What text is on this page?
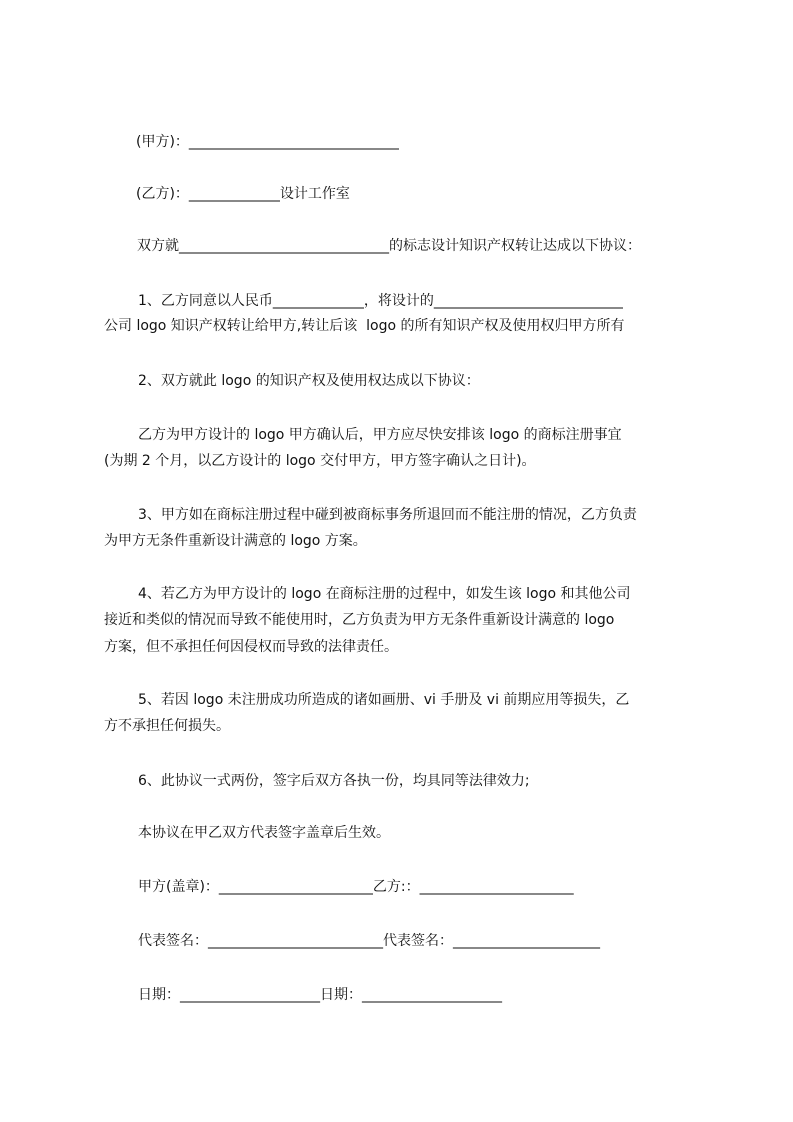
(甲方)：______________________________
(乙方)：_____________设计工作室
双方就______________________________的标志设计知识产权转让达成以下协议：
1、乙方同意以人民币_____________，将设计的___________________________
公司 logo 知识产权转让给甲方,转让后该  logo 的所有知识产权及使用权归甲方所有
2、双方就此 logo 的知识产权及使用权达成以下协议：
乙方为甲方设计的 logo 甲方确认后，甲方应尽快安排该 logo 的商标注册事宜
(为期 2 个月，以乙方设计的 logo 交付甲方，甲方签字确认之日计)。
3、甲方如在商标注册过程中碰到被商标事务所退回而不能注册的情况，乙方负责
为甲方无条件重新设计满意的 logo 方案。
4、若乙方为甲方设计的 logo 在商标注册的过程中，如发生该 logo 和其他公司
接近和类似的情况而导致不能使用时，乙方负责为甲方无条件重新设计满意的 logo
方案，但不承担任何因侵权而导致的法律责任。
5、若因 logo 未注册成功所造成的诸如画册、vi 手册及 vi 前期应用等损失，乙
方不承担任何损失。
6、此协议一式两份，签字后双方各执一份，均具同等法律效力;
本协议在甲乙双方代表签字盖章后生效。
甲方(盖章)：______________________乙方:：______________________
代表签名：_________________________代表签名：_____________________
日期：____________________日期：____________________
